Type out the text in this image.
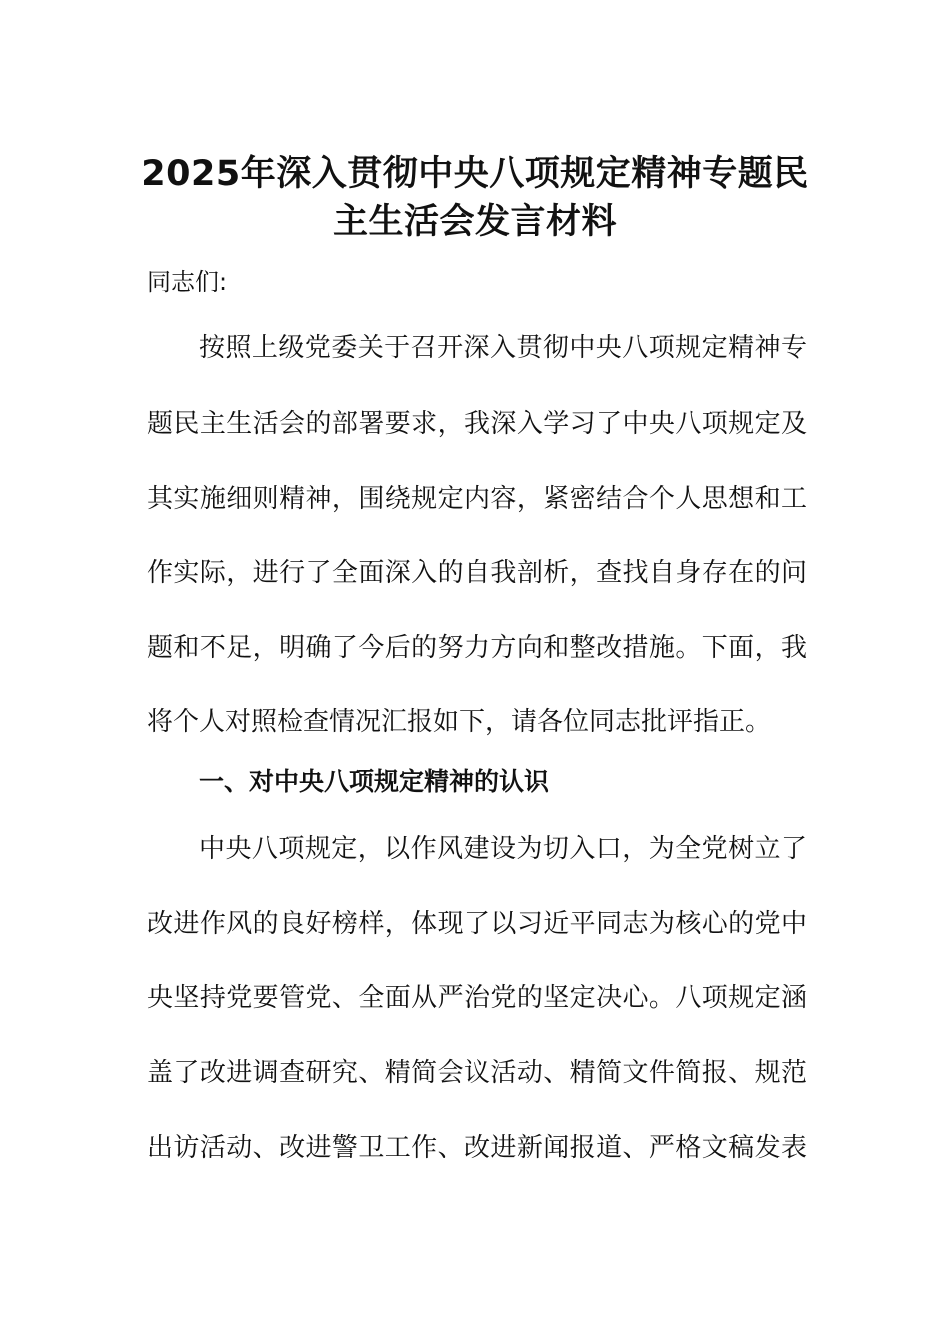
2025年深入贯彻中央八项规定精神专题民
主生活会发言材料
同志们:
按照上级党委关于召开深入贯彻中央八项规定精神专
题民主生活会的部署要求，我深入学习了中央八项规定及
其实施细则精神，围绕规定内容，紧密结合个人思想和工
作实际，进行了全面深入的自我剖析，查找自身存在的问
题和不足，明确了今后的努力方向和整改措施。下面，我
将个人对照检查情况汇报如下，请各位同志批评指正。
一、对中央八项规定精神的认识
中央八项规定，以作风建设为切入口，为全党树立了
改进作风的良好榜样，体现了以习近平同志为核心的党中
央坚持党要管党、全面从严治党的坚定决心。八项规定涵
盖了改进调查研究、精简会议活动、精简文件简报、规范
出访活动、改进警卫工作、改进新闻报道、严格文稿发表
